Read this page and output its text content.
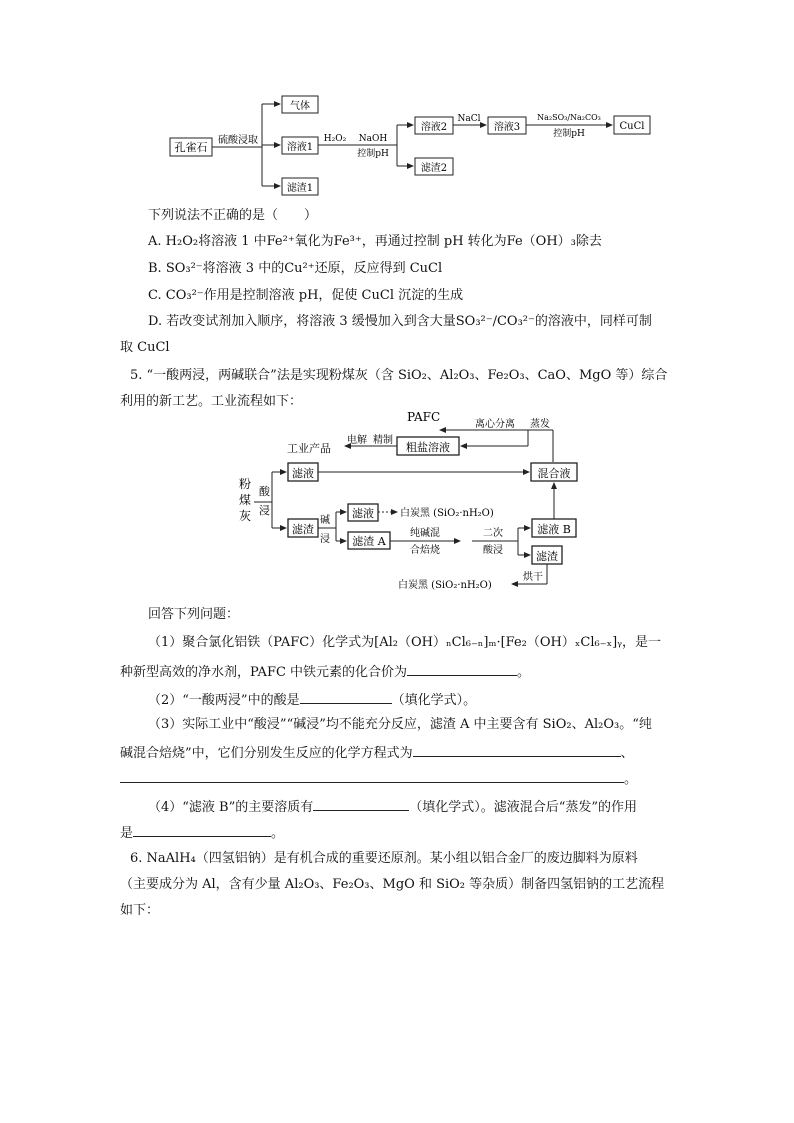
孔雀石
硫酸浸取
气体
溶液1
滤渣1
H₂O₂ NaOH
控制pH
溶液2
滤渣2
NaCl
溶液3
Na₂SO₃/Na₂CO₃
控制pH
CuCl
下列说法不正确的是（　　）
A. H₂O₂将溶液 1 中Fe²⁺氧化为Fe³⁺，再通过控制 pH 转化为Fe（OH）₃除去
B. SO₃²⁻将溶液 3 中的Cu²⁺还原，反应得到 CuCl
C. CO₃²⁻作用是控制溶液 pH，促使 CuCl 沉淀的生成
D. 若改变试剂加入顺序，将溶液 3 缓慢加入到含大量SO₃²⁻/CO₃²⁻的溶液中，同样可制
取 CuCl
5. “一酸两浸，两碱联合”法是实现粉煤灰（含 SiO₂、Al₂O₃、Fe₂O₃、CaO、MgO 等）综合
利用的新工艺。工业流程如下：
PAFC
离心分离 蒸发
粗盐溶液
精制
电解
工业产品
粉
煤
灰
酸
浸
滤液	混合液
滤渣
碱
浸
滤液	白炭黑 (SiO₂·nH₂O)
滤渣 A
纯碱混
合焙烧
二次
酸浸
滤液 B
滤渣
烘干
白炭黑 (SiO₂·nH₂O)
回答下列问题：
（1）聚合氯化铝铁（PAFC）化学式为[Al₂（OH）ₙCl₆₋ₙ]ₘ·[Fe₂（OH）ₓCl₆₋ₓ]ᵧ，是一
种新型高效的净水剂，PAFC 中铁元素的化合价为	。
（2）“一酸两浸”中的酸是	（填化学式）。
（3）实际工业中“酸浸”“碱浸”均不能充分反应，滤渣 A 中主要含有 SiO₂、Al₂O₃。“纯
碱混合焙烧”中，它们分别发生反应的化学方程式为	、
。
（4）“滤液 B”的主要溶质有	（填化学式）。滤液混合后“蒸发”的作用
是	。
6. NaAlH₄（四氢铝钠）是有机合成的重要还原剂。某小组以铝合金厂的废边脚料为原料
（主要成分为 Al，含有少量 Al₂O₃、Fe₂O₃、MgO 和 SiO₂ 等杂质）制备四氢铝钠的工艺流程
如下：
